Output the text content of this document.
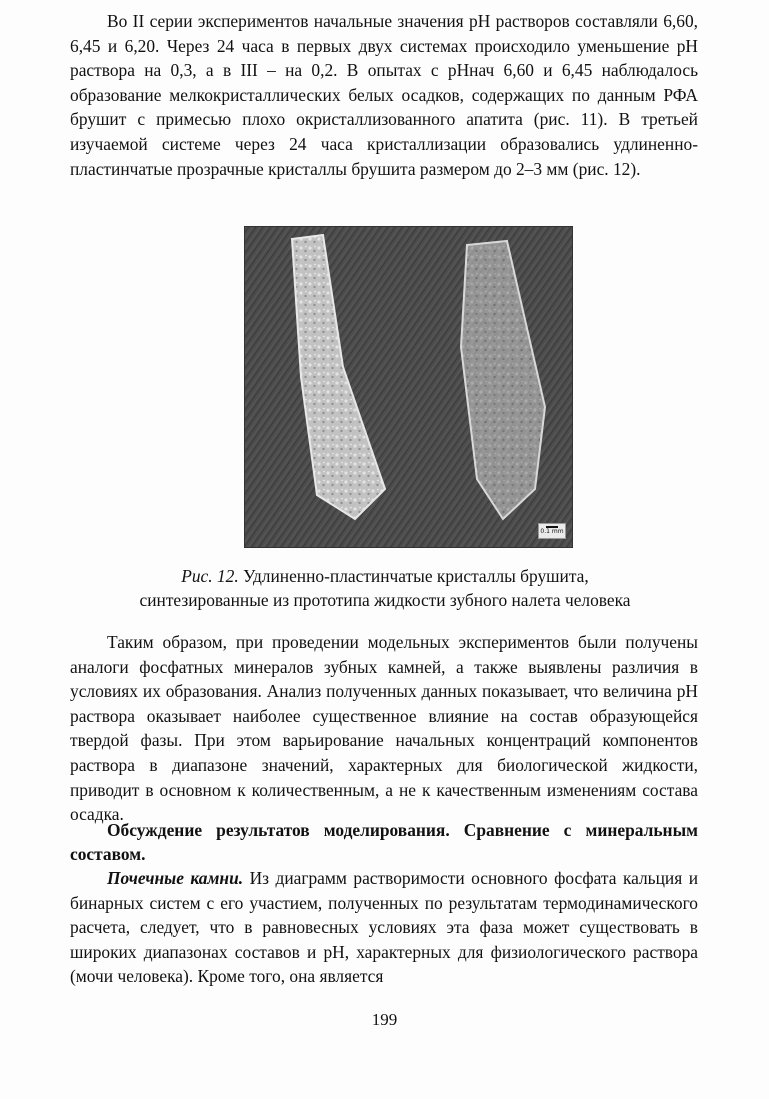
Во II серии экспериментов начальные значения рН растворов составляли 6,60, 6,45 и 6,20. Через 24 часа в первых двух системах происходило уменьшение рН раствора на 0,3, а в III – на 0,2. В опытах с рНнач 6,60 и 6,45 наблюдалось образование мелкокристаллических белых осадков, содержащих по данным РФА брушит с примесью плохо окристаллизованного апатита (рис. 11). В третьей изучаемой системе через 24 часа кристаллизации образовались удлиненно-пластинчатые прозрачные кристаллы брушита размером до 2–3 мм (рис. 12).

0.1 mm
Рис. 12. Удлиненно-пластинчатые кристаллы брушита,
синтезированные из прототипа жидкости зубного налета человека

Таким образом, при проведении модельных экспериментов были получены аналоги фосфатных минералов зубных камней, а также выявлены различия в условиях их образования. Анализ полученных данных показывает, что величина рН раствора оказывает наиболее существенное влияние на состав образующейся твердой фазы. При этом варьирование начальных концентраций компонентов раствора в диапазоне значений, характерных для биологической жидкости, приводит в основном к количественным, а не к качественным изменениям состава осадка.

Обсуждение результатов моделирования. Сравнение с минеральным составом.

Почечные камни. Из диаграмм растворимости основного фосфата кальция и бинарных систем с его участием, полученных по результатам термодинамического расчета, следует, что в равновесных условиях эта фаза может существовать в широких диапазонах составов и рН, характерных для физиологического раствора (мочи человека). Кроме того, она является

199
